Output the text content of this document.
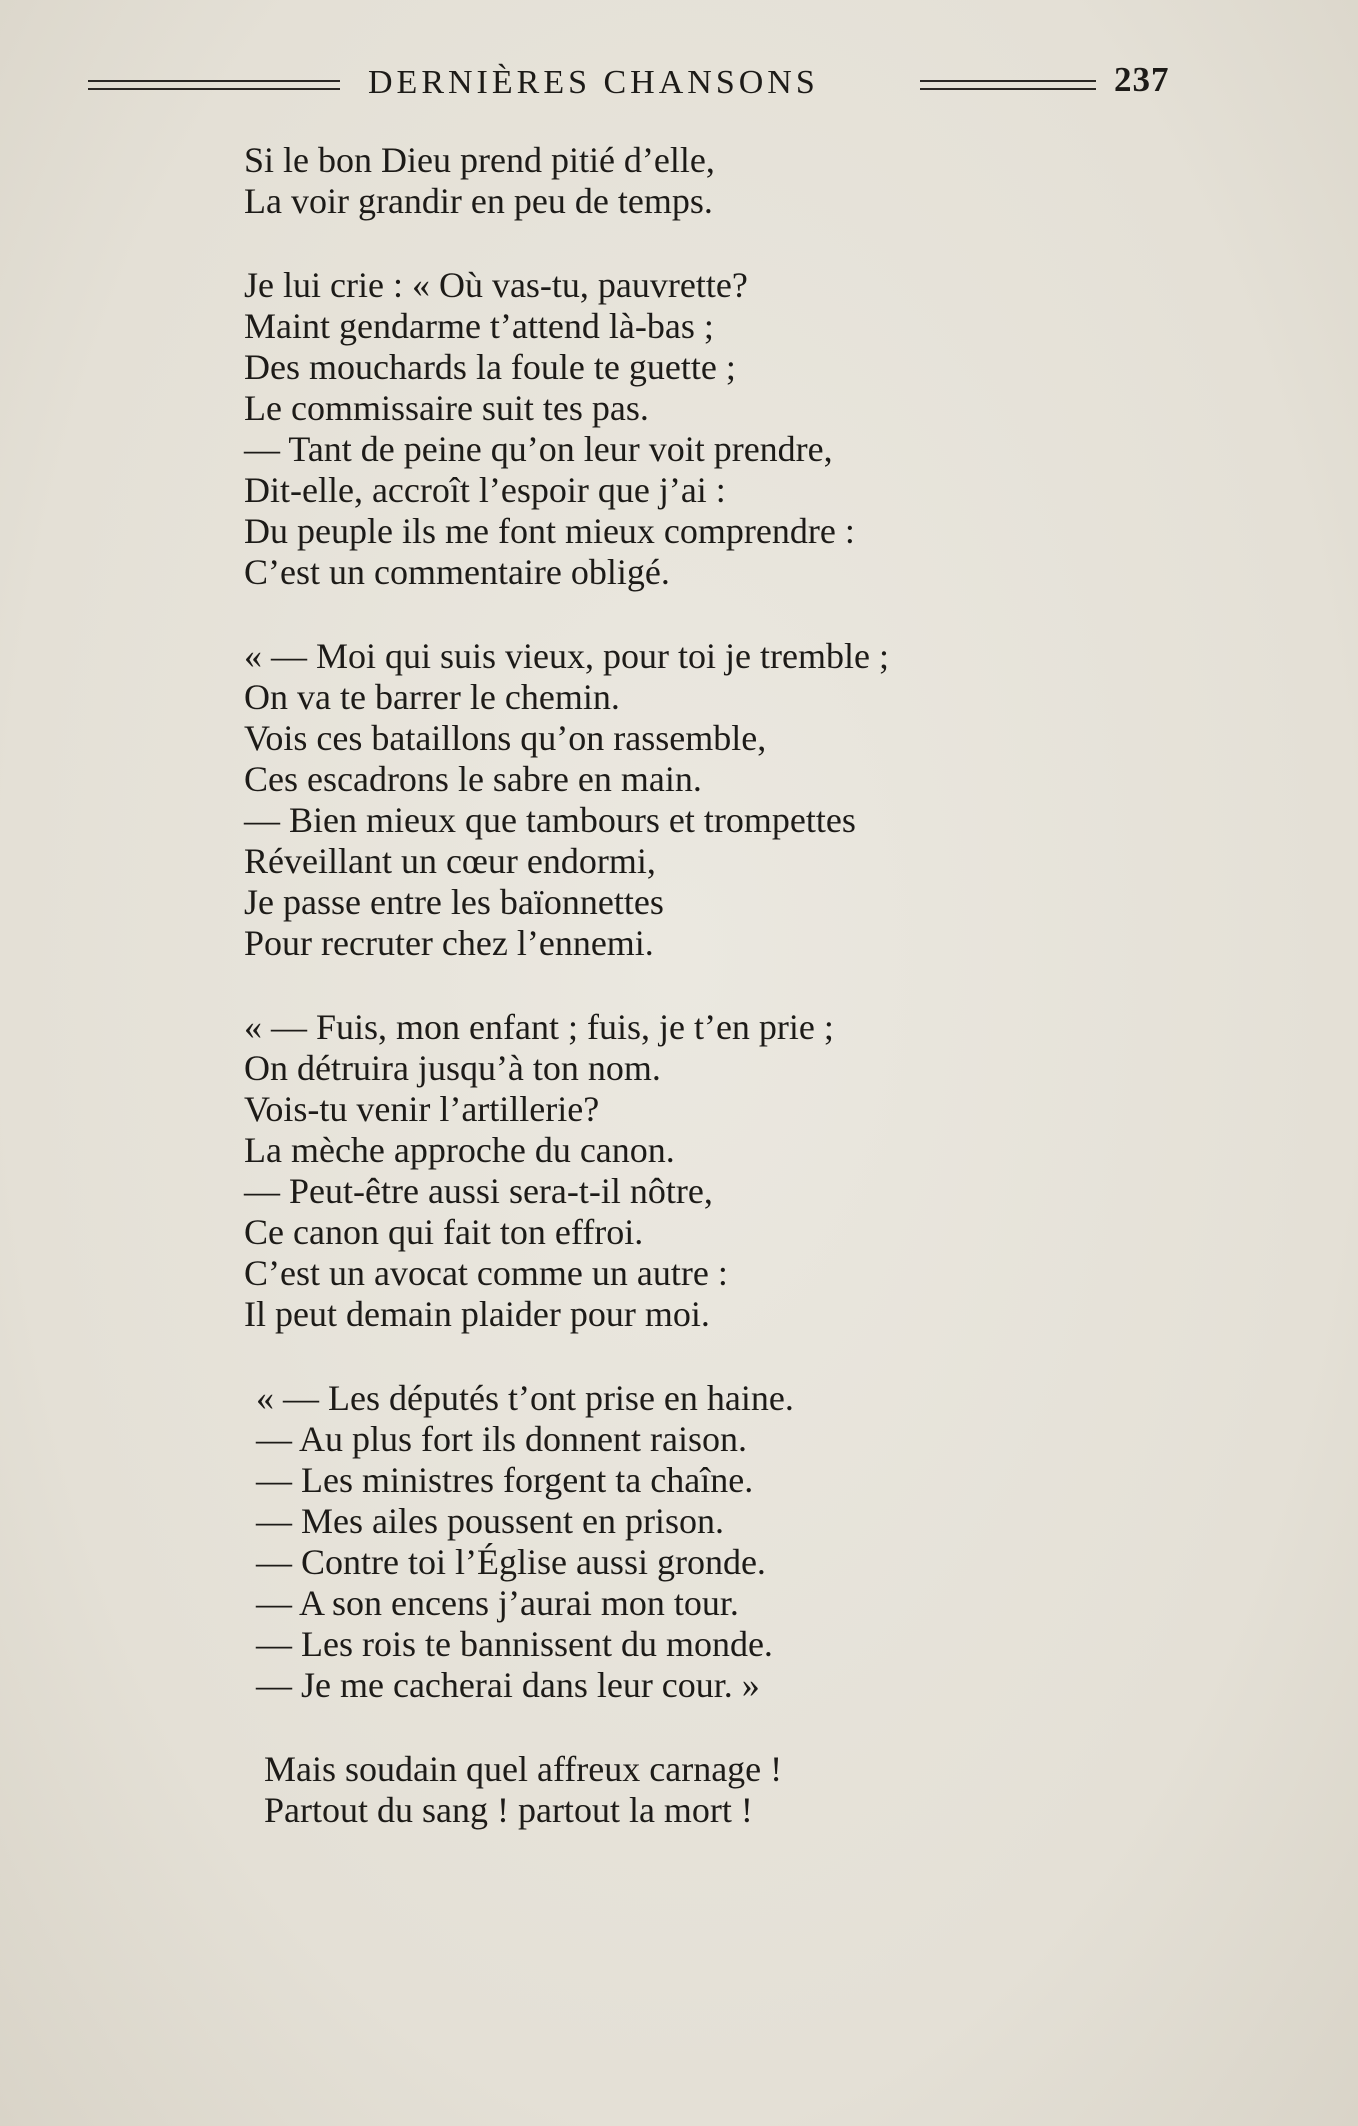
DERNIÈRES CHANSONS	237
Si le bon Dieu prend pitié d’elle,
La voir grandir en peu de temps.
Je lui crie : « Où vas-tu, pauvrette?
Maint gendarme t’attend là-bas ;
Des mouchards la foule te guette ;
Le commissaire suit tes pas.
— Tant de peine qu’on leur voit prendre,
Dit-elle, accroît l’espoir que j’ai :
Du peuple ils me font mieux comprendre :
C’est un commentaire obligé.
« — Moi qui suis vieux, pour toi je tremble ;
On va te barrer le chemin.
Vois ces bataillons qu’on rassemble,
Ces escadrons le sabre en main.
— Bien mieux que tambours et trompettes
Réveillant un cœur endormi,
Je passe entre les baïonnettes
Pour recruter chez l’ennemi.
« — Fuis, mon enfant ; fuis, je t’en prie ;
On détruira jusqu’à ton nom.
Vois-tu venir l’artillerie?
La mèche approche du canon.
— Peut-être aussi sera-t-il nôtre,
Ce canon qui fait ton effroi.
C’est un avocat comme un autre :
Il peut demain plaider pour moi.
« — Les députés t’ont prise en haine.
— Au plus fort ils donnent raison.
— Les ministres forgent ta chaîne.
— Mes ailes poussent en prison.
— Contre toi l’Église aussi gronde.
— A son encens j’aurai mon tour.
— Les rois te bannissent du monde.
— Je me cacherai dans leur cour. »
Mais soudain quel affreux carnage !
Partout du sang ! partout la mort !
